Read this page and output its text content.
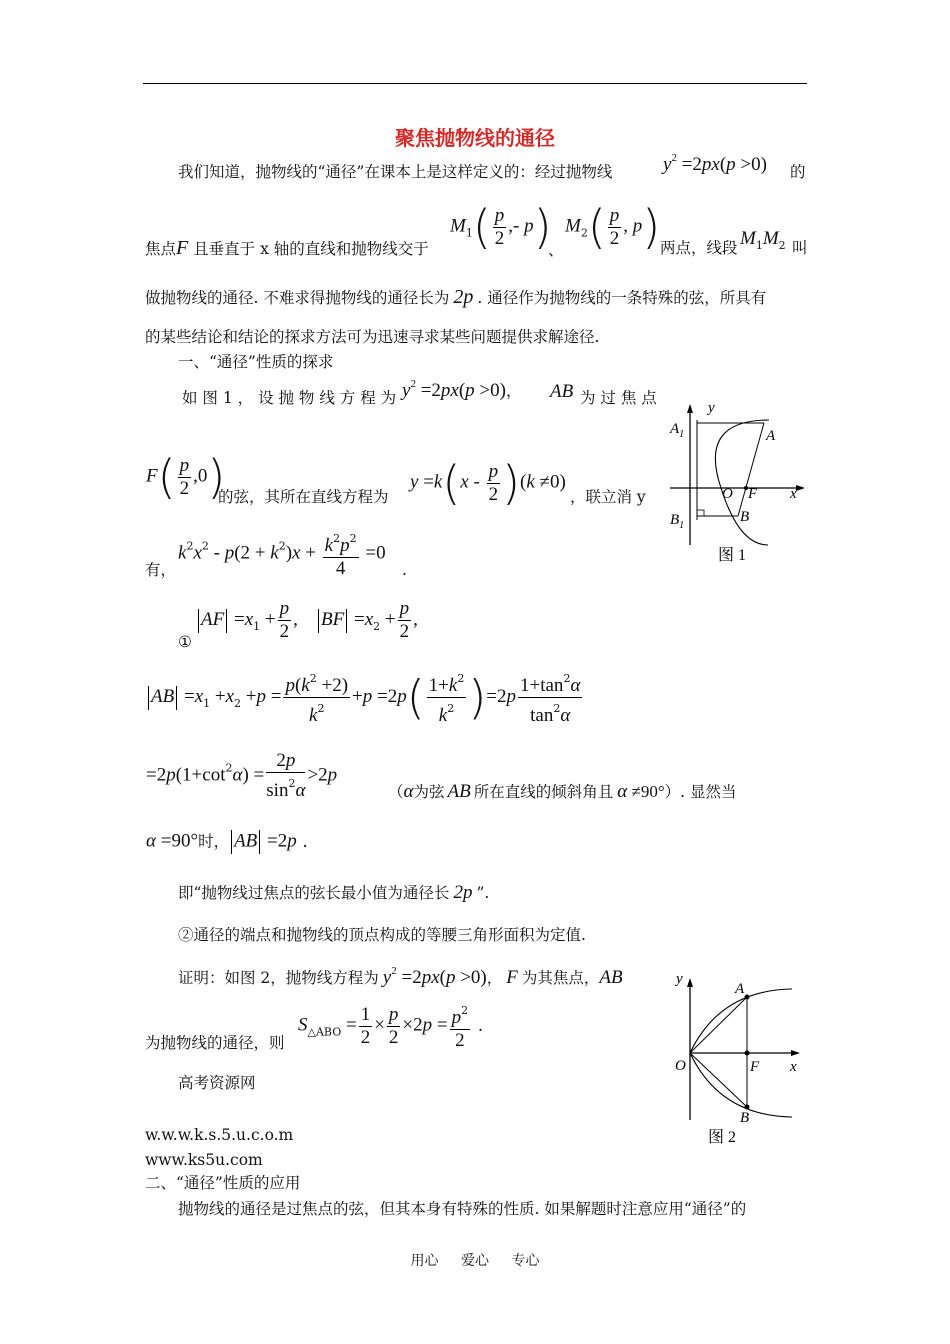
聚焦抛物线的通径
我们知道，抛物线的“通径”在课本上是这样定义的：经过抛物线	$y^2 =2px(p >0)$ 的
焦点F 且垂直于 x 轴的直线和抛物线交于
$M_1( \frac{p}{2}$ ,- p)
、
$M_2( \frac{p}{2}$ , p) 两点，线段 $M_1M_2$ 叫
做抛物线的通径. 不难求得抛物线的通径长为 2p . 通径作为抛物线的一条特殊的弦，所具有
的某些结论和结论的探求方法可为迅速寻求某些问题提供求解途径.
一、“通径”性质的探求
如 图 1 ， 设 抛 物 线 方 程 为 $y^2 =2px(p >0)$， AB 为 过 焦 点
$F( \frac{p}{2} ,0)$
的弦，其所在直线方程为
$y =k(x - \frac{p}{2} )(k \ne 0)$
，联立消 y
$k^2x^2 - p(2 + k^2)x + \frac{k^2p^2}{4} =0$
有，	.
①
AF $=x_1 + \frac{p}{2}$ , BF $=x_2 + \frac{p}{2}$ ,
AB $=x_1 +x_2 +p = \frac{p(k^2 +2)}{k^2} +p =2p( \frac{1+k^2}{k^2} )=2p \frac{1+\tan^2\alpha}{\tan^2\alpha}$
$=2p(1+\cot^2\alpha) = \frac{2p}{\sin^2\alpha} >2p$
（α为弦 AB 所在直线的倾斜角且 α ≠90°）. 显然当
α =90°时， AB =2p .
即“抛物线过焦点的弦长最小值为通径长 2p ”.
②通径的端点和抛物线的顶点构成的等腰三角形面积为定值.
证明：如图 2，抛物线方程为 $y^2 =2px(p >0)$， F 为其焦点，AB
为抛物线的通径，则
$S_{\triangle ABO} = \frac{1}{2} \times \frac{p}{2} \times 2p = \frac{p^2}{2}$ .
高考资源网
w.w.w.k.s.5.u.c.o.m
www.ks5u.com
二、“通径”性质的应用
抛物线的通径是过焦点的弦，但其本身有特殊的性质. 如果解题时注意应用“通径”的
y
$A_1$	A
O F x
$B_1$
B
图 1
y
A
O	F x
B
图 2
用心 爱心 专心
